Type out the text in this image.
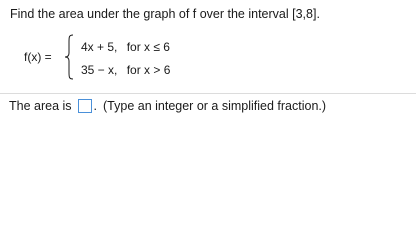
Find the area under the graph of f over the interval [3,8].
f(x) =
4x + 5, for x ≤ 6
35 − x, for x > 6
The area is . (Type an integer or a simplified fraction.)
